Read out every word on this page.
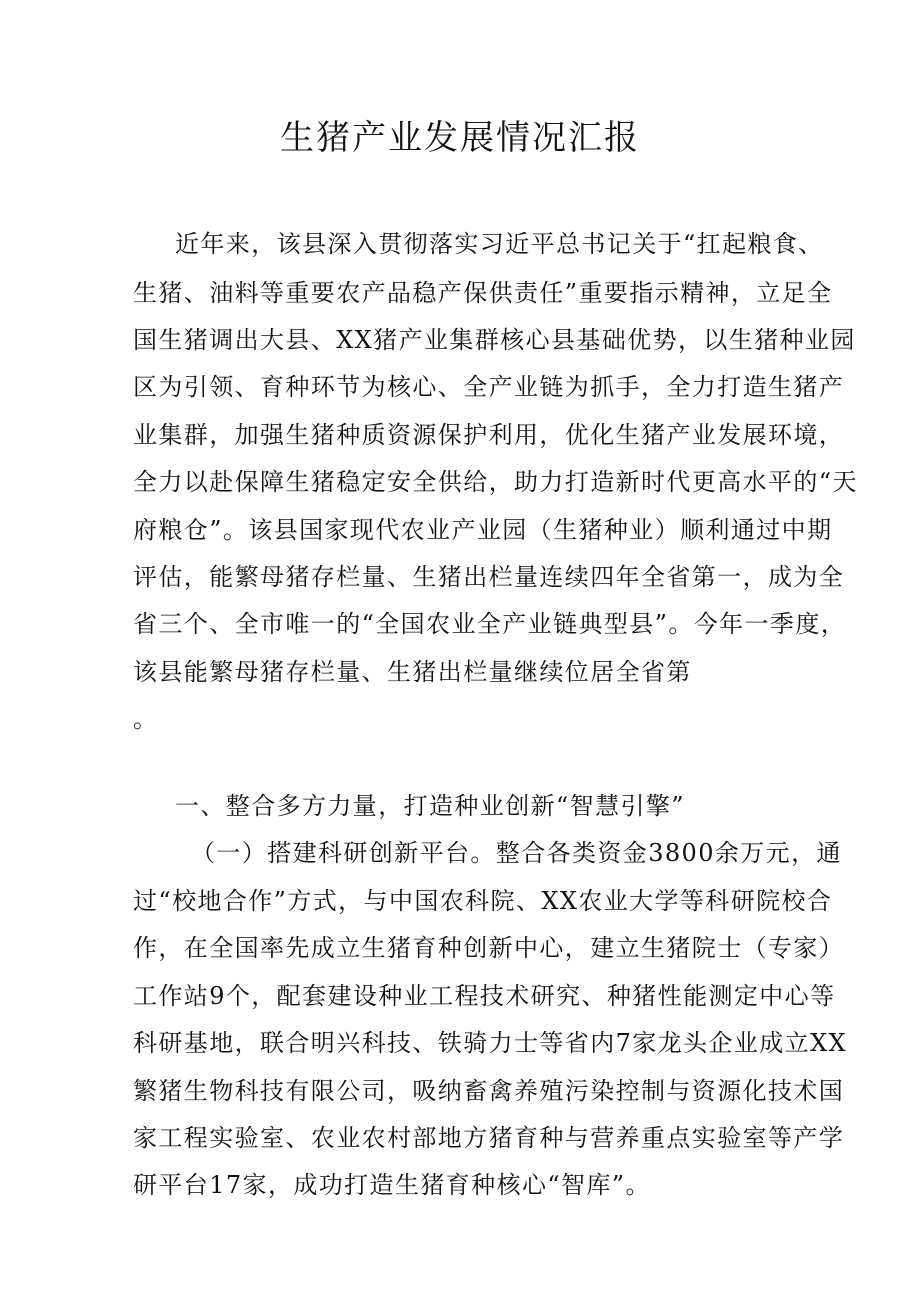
生猪产业发展情况汇报
近年来，该县深入贯彻落实习近平总书记关于“扛起粮食、
生猪、油料等重要农产品稳产保供责任”重要指示精神，立足全
国生猪调出大县、XX猪产业集群核心县基础优势，以生猪种业园
区为引领、育种环节为核心、全产业链为抓手，全力打造生猪产
业集群，加强生猪种质资源保护利用，优化生猪产业发展环境，
全力以赴保障生猪稳定安全供给，助力打造新时代更高水平的“天
府粮仓”。该县国家现代农业产业园（生猪种业）顺利通过中期
评估，能繁母猪存栏量、生猪出栏量连续四年全省第一，成为全
省三个、全市唯一的“全国农业全产业链典型县”。今年一季度，
该县能繁母猪存栏量、生猪出栏量继续位居全省第
。
一、整合多方力量，打造种业创新“智慧引擎”
（一）搭建科研创新平台。整合各类资金3800余万元，通
过“校地合作”方式，与中国农科院、XX农业大学等科研院校合
作，在全国率先成立生猪育种创新中心，建立生猪院士（专家）
工作站9个，配套建设种业工程技术研究、种猪性能测定中心等
科研基地，联合明兴科技、铁骑力士等省内7家龙头企业成立XX
繁猪生物科技有限公司，吸纳畜禽养殖污染控制与资源化技术国
家工程实验室、农业农村部地方猪育种与营养重点实验室等产学
研平台17家，成功打造生猪育种核心“智库”。
